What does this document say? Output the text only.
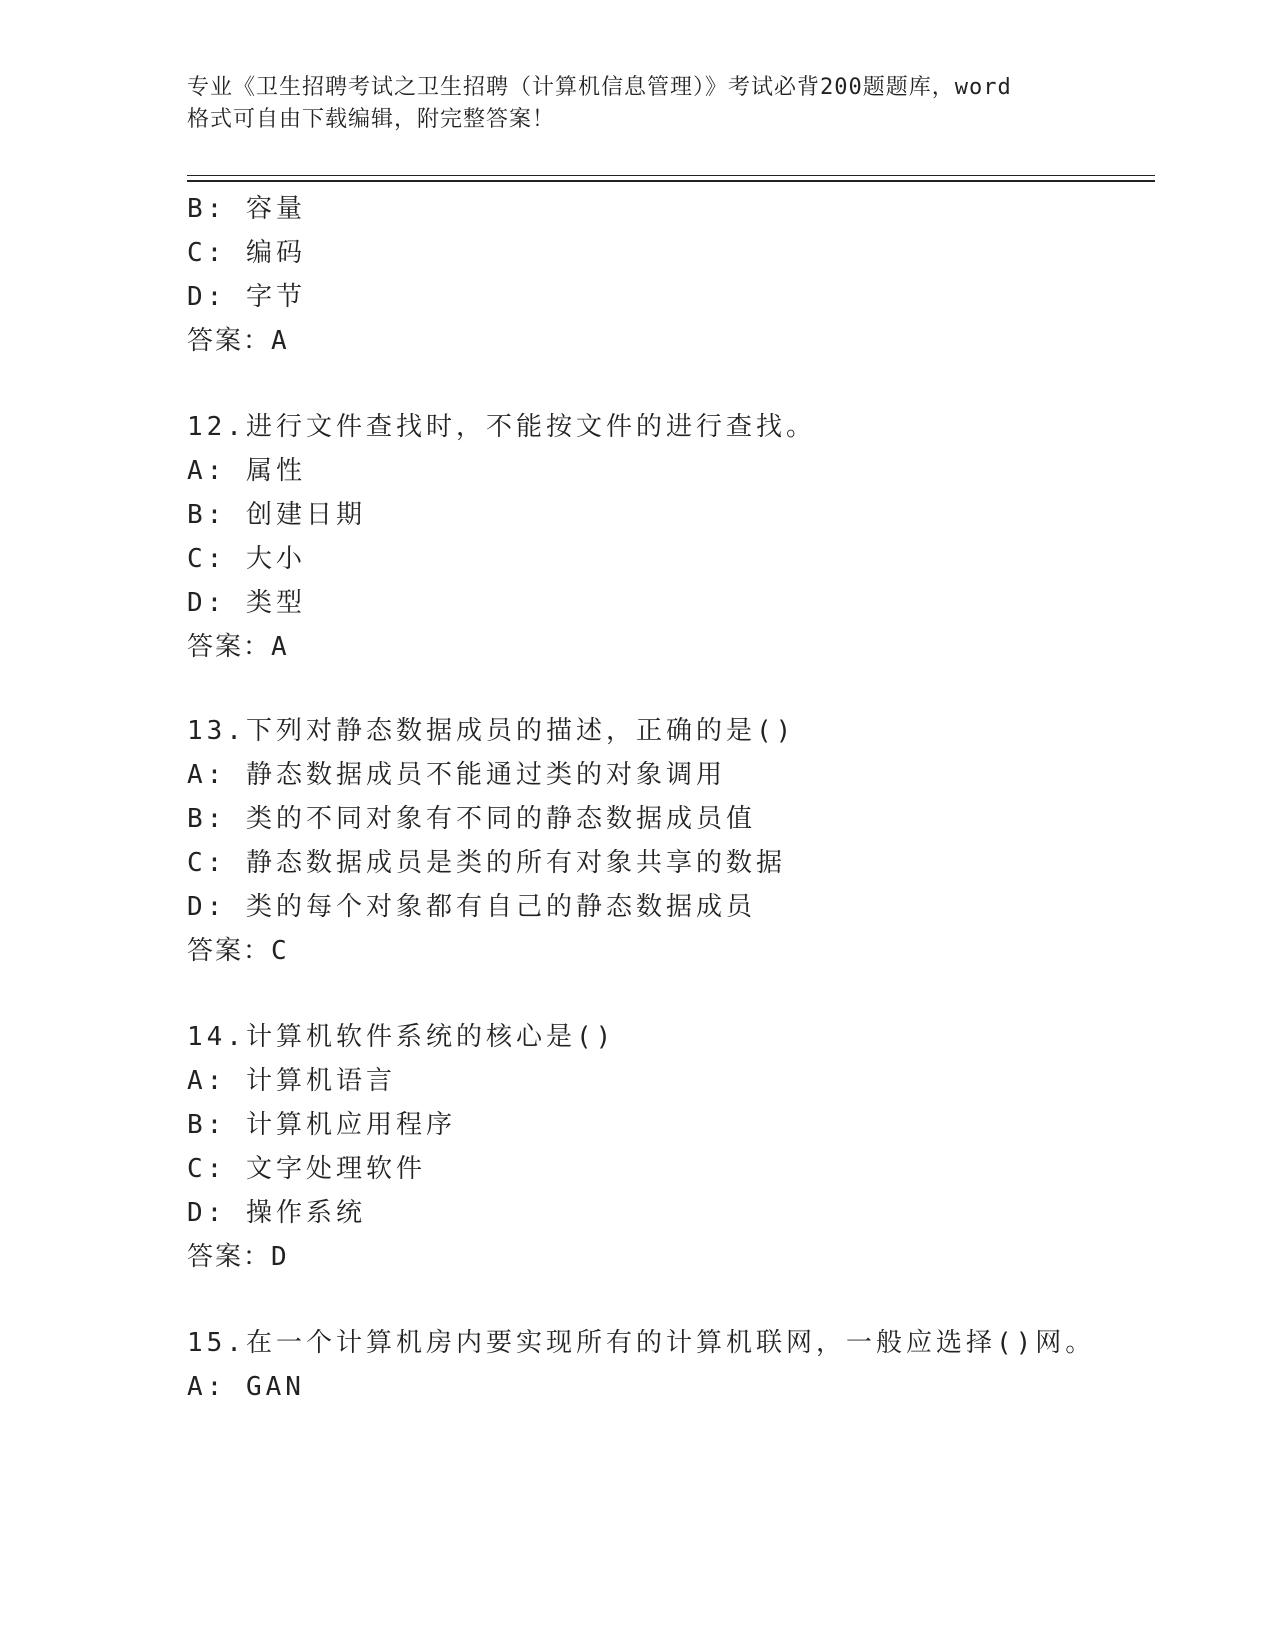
专业《卫生招聘考试之卫生招聘（计算机信息管理）》考试必背200题题库，word
格式可自由下载编辑，附完整答案！
B: 容量
C: 编码
D: 字节
答案：A
12.进行文件查找时，不能按文件的进行查找。
A: 属性
B: 创建日期
C: 大小
D: 类型
答案：A
13.下列对静态数据成员的描述，正确的是()
A: 静态数据成员不能通过类的对象调用
B: 类的不同对象有不同的静态数据成员值
C: 静态数据成员是类的所有对象共享的数据
D: 类的每个对象都有自己的静态数据成员
答案：C
14.计算机软件系统的核心是()
A: 计算机语言
B: 计算机应用程序
C: 文字处理软件
D: 操作系统
答案：D
15.在一个计算机房内要实现所有的计算机联网，一般应选择()网。
A: GAN
